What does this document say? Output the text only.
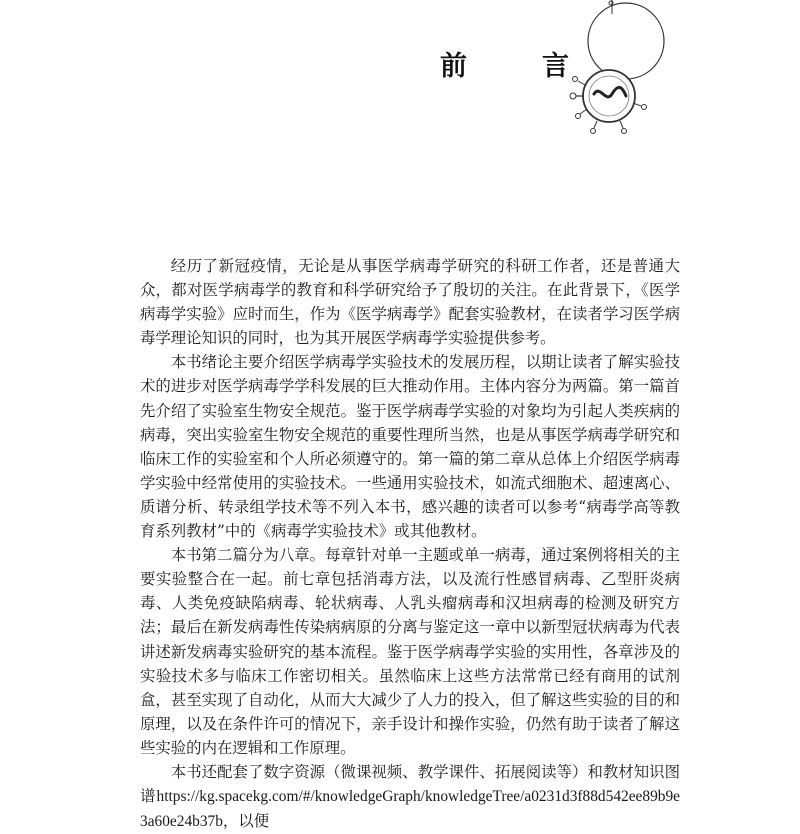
前　言

经历了新冠疫情，无论是从事医学病毒学研究的科研工作者，还是普通大众，都对医学病毒学的教育和科学研究给予了殷切的关注。在此背景下，《医学病毒学实验》应时而生，作为《医学病毒学》配套实验教材，在读者学习医学病毒学理论知识的同时，也为其开展医学病毒学实验提供参考。

本书绪论主要介绍医学病毒学实验技术的发展历程，以期让读者了解实验技术的进步对医学病毒学学科发展的巨大推动作用。主体内容分为两篇。第一篇首先介绍了实验室生物安全规范。鉴于医学病毒学实验的对象均为引起人类疾病的病毒，突出实验室生物安全规范的重要性理所当然，也是从事医学病毒学研究和临床工作的实验室和个人所必须遵守的。第一篇的第二章从总体上介绍医学病毒学实验中经常使用的实验技术。一些通用实验技术，如流式细胞术、超速离心、质谱分析、转录组学技术等不列入本书，感兴趣的读者可以参考“病毒学高等教育系列教材”中的《病毒学实验技术》或其他教材。

本书第二篇分为八章。每章针对单一主题或单一病毒，通过案例将相关的主要实验整合在一起。前七章包括消毒方法，以及流行性感冒病毒、乙型肝炎病毒、人类免疫缺陷病毒、轮状病毒、人乳头瘤病毒和汉坦病毒的检测及研究方法；最后在新发病毒性传染病病原的分离与鉴定这一章中以新型冠状病毒为代表讲述新发病毒实验研究的基本流程。鉴于医学病毒学实验的实用性，各章涉及的实验技术多与临床工作密切相关。虽然临床上这些方法常常已经有商用的试剂盒，甚至实现了自动化，从而大大减少了人力的投入，但了解这些实验的目的和原理，以及在条件许可的情况下，亲手设计和操作实验，仍然有助于读者了解这些实验的内在逻辑和工作原理。

本书还配套了数字资源（微课视频、教学课件、拓展阅读等）和教材知识图谱https://kg.spacekg.com/#/knowledgeGraph/knowledgeTree/a0231d3f88d542ee89b9e3a60e24b37b，以便
